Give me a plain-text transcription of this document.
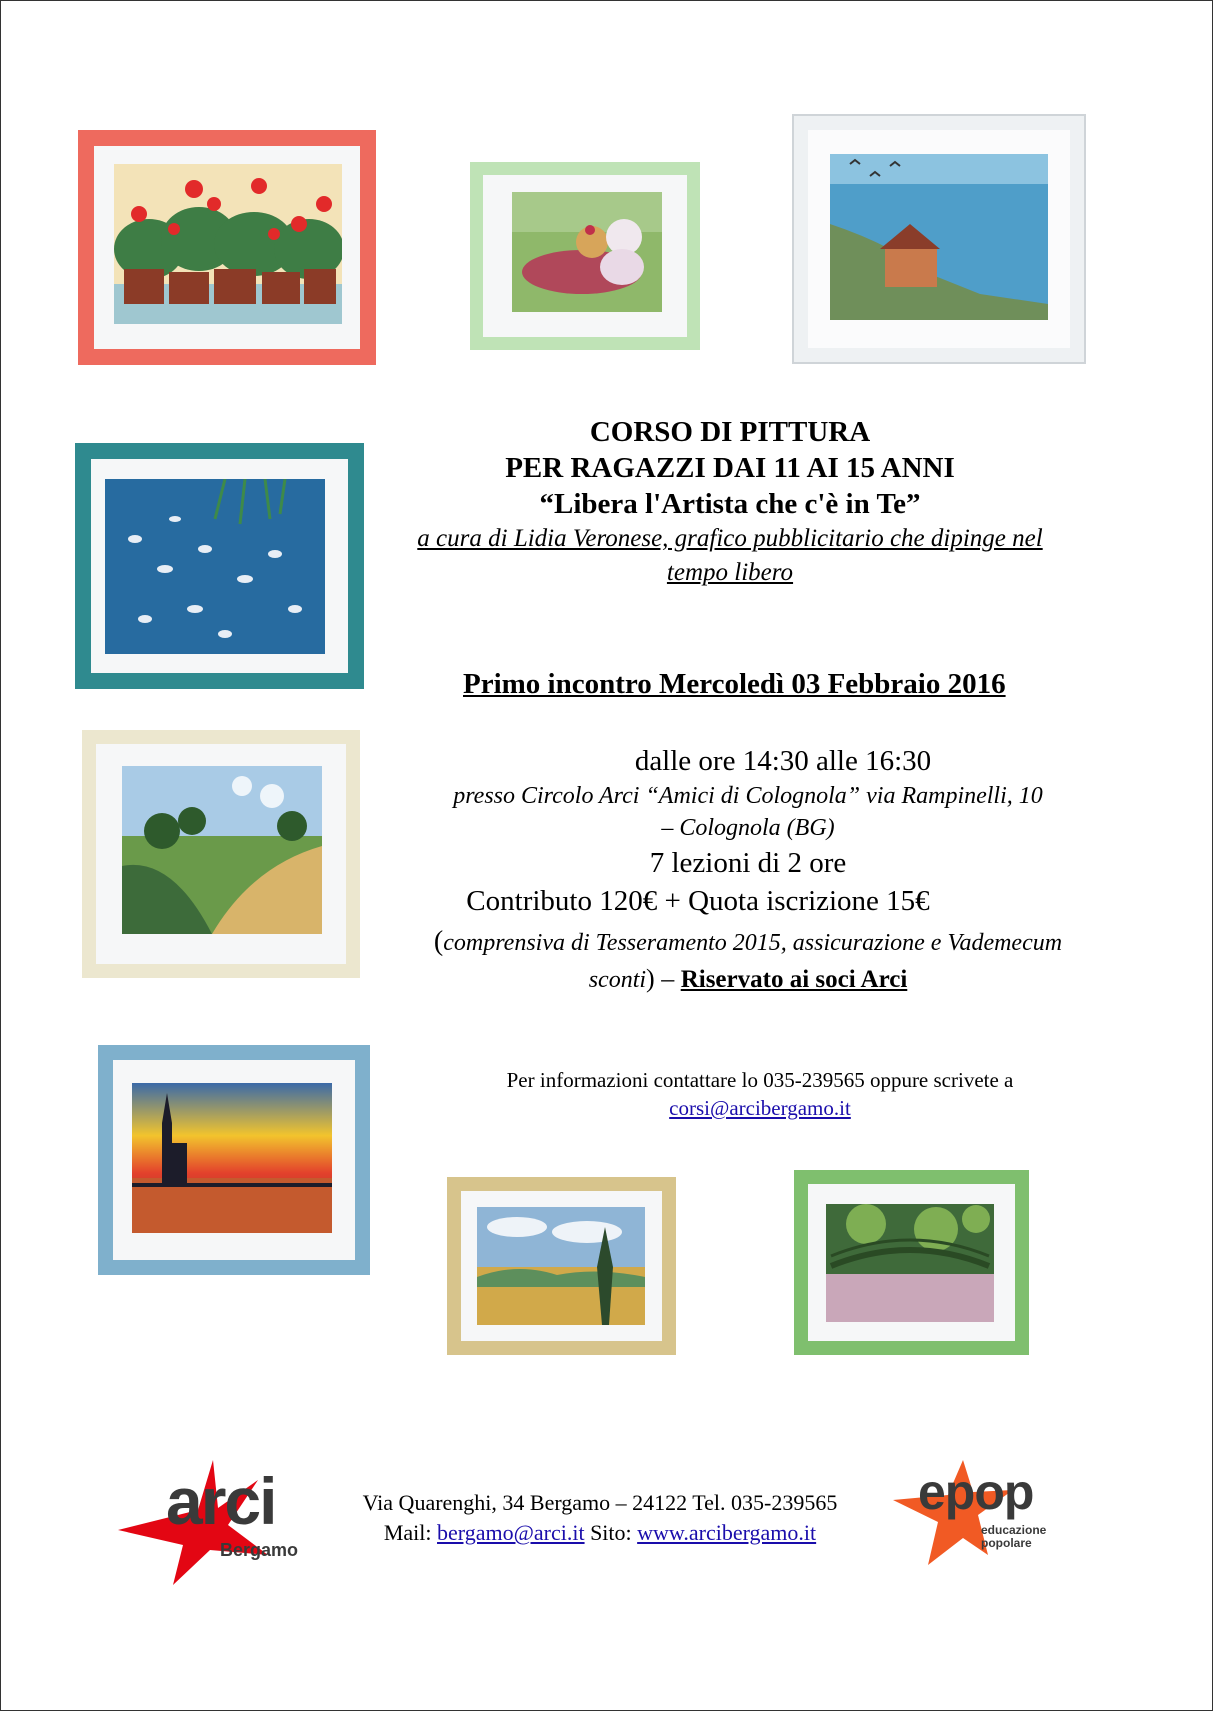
CORSO DI PITTURA
PER RAGAZZI DAI 11 AI 15 ANNI
“Libera l'Artista che c'è in Te”
a cura di Lidia Veronese, grafico pubblicitario che dipinge nel
tempo libero
Primo incontro Mercoledì 03 Febbraio 2016
dalle ore 14:30 alle 16:30
presso Circolo Arci “Amici di Colognola” via Rampinelli, 10
– Colognola (BG)
7 lezioni di 2 ore
Contributo 120€ + Quota iscrizione 15€
(comprensiva di Tesseramento 2015, assicurazione e Vademecum
sconti) – Riservato ai soci Arci
Per informazioni contattare lo 035-239565 oppure scrivete a
corsi@arcibergamo.it
arci
Bergamo
Via Quarenghi, 34 Bergamo – 24122 Tel. 035-239565
Mail: bergamo@arci.it Sito: www.arcibergamo.it
epop
educazione
popolare
